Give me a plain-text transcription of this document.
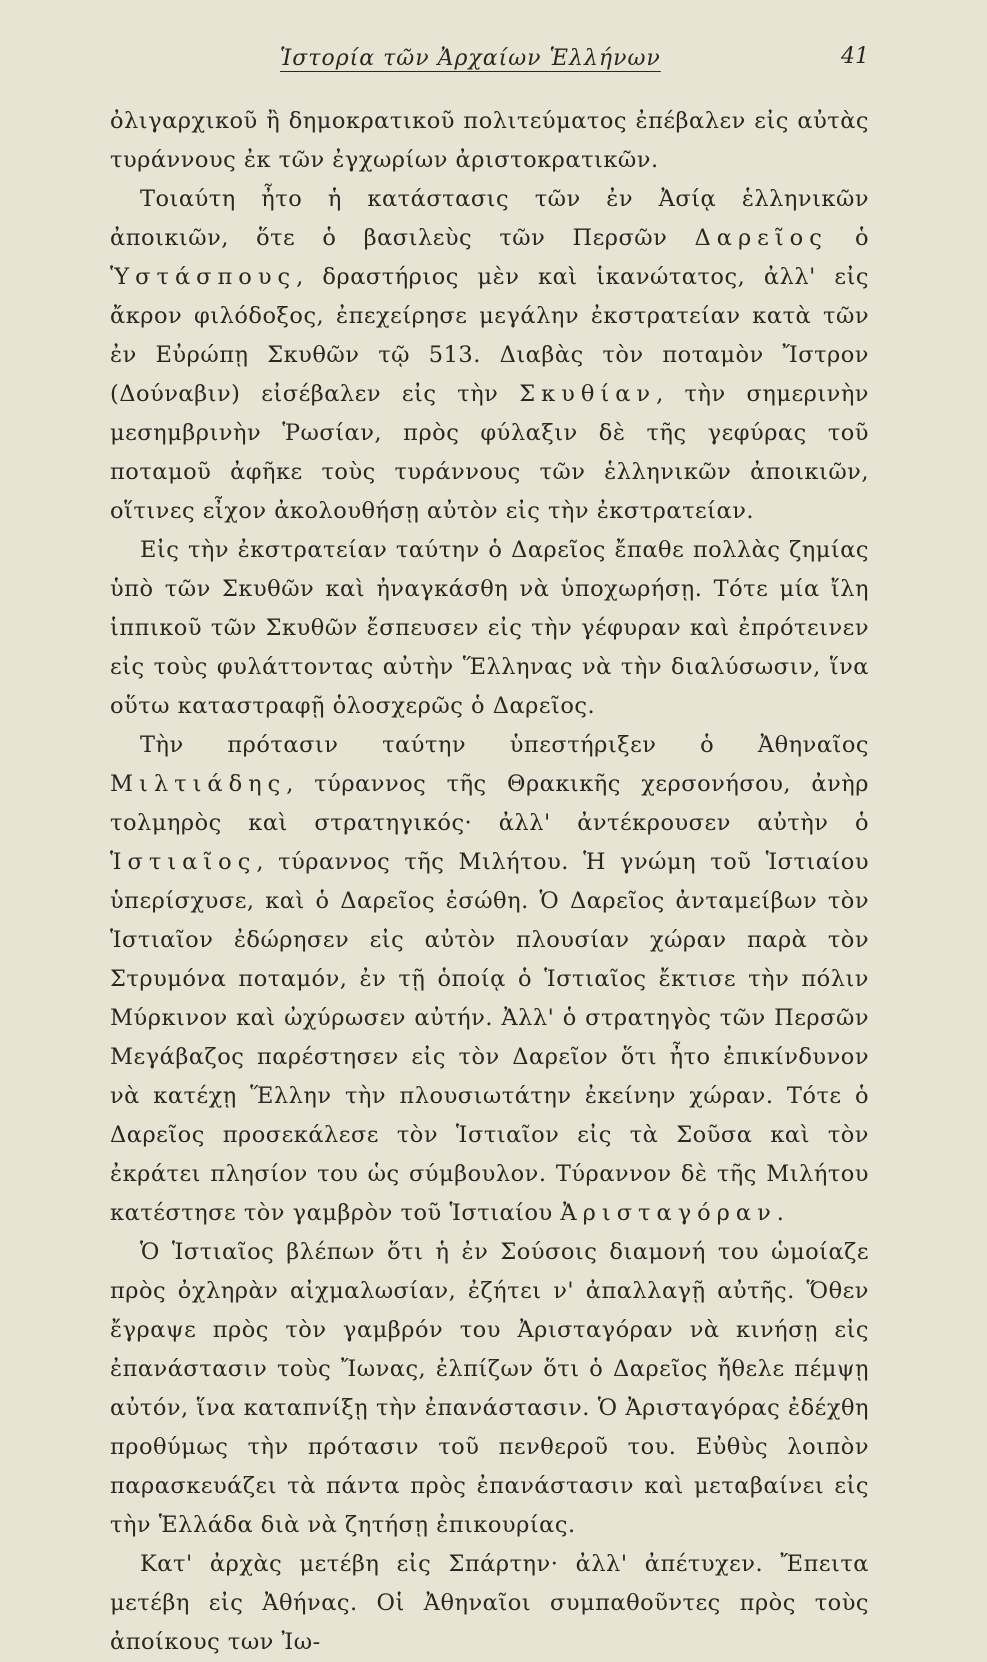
Ἱστορία τῶν Ἀρχαίων Ἑλλήνων	41

ὀλιγαρχικοῦ ἢ δημοκρατικοῦ πολιτεύματος ἐπέβαλεν εἰς αὐτὰς τυράννους ἐκ τῶν ἐγχωρίων ἀριστοκρατικῶν.

Τοιαύτη ἦτο ἡ κατάστασις τῶν ἐν Ἀσίᾳ ἑλληνικῶν ἀποικιῶν, ὅτε ὁ βασιλεὺς τῶν Περσῶν Δαρεῖος ὁ Ὑστάσπους, δραστήριος μὲν καὶ ἱκανώτατος, ἀλλ' εἰς ἄκρον φιλόδοξος, ἐπεχείρησε μεγάλην ἐκστρατείαν κατὰ τῶν ἐν Εὐρώπῃ Σκυθῶν τῷ 513. Διαβὰς τὸν ποταμὸν Ἴστρον (Δούναβιν) εἰσέβαλεν εἰς τὴν Σκυθίαν, τὴν σημερινὴν μεσημβρινὴν Ῥωσίαν, πρὸς φύλαξιν δὲ τῆς γεφύρας τοῦ ποταμοῦ ἀφῆκε τοὺς τυράννους τῶν ἑλληνικῶν ἀποικιῶν, οἵτινες εἶχον ἀκολουθήσῃ αὐτὸν εἰς τὴν ἐκστρατείαν.

Εἰς τὴν ἐκστρατείαν ταύτην ὁ Δαρεῖος ἔπαθε πολλὰς ζημίας ὑπὸ τῶν Σκυθῶν καὶ ἠναγκάσθη νὰ ὑποχωρήσῃ. Τότε μία ἴλη ἱππικοῦ τῶν Σκυθῶν ἔσπευσεν εἰς τὴν γέφυραν καὶ ἐπρότεινεν εἰς τοὺς φυλάττοντας αὐτὴν Ἕλληνας νὰ τὴν διαλύσωσιν, ἵνα οὕτω καταστραφῇ ὁλοσχερῶς ὁ Δαρεῖος.

Τὴν πρότασιν ταύτην ὑπεστήριξεν ὁ Ἀθηναῖος Μιλτιάδης, τύραννος τῆς Θρακικῆς χερσονήσου, ἀνὴρ τολμηρὸς καὶ στρατηγικός· ἀλλ' ἀντέκρουσεν αὐτὴν ὁ Ἱστιαῖος, τύραννος τῆς Μιλήτου. Ἡ γνώμη τοῦ Ἱστιαίου ὑπερίσχυσε, καὶ ὁ Δαρεῖος ἐσώθη. Ὁ Δαρεῖος ἀνταμείβων τὸν Ἱστιαῖον ἐδώρησεν εἰς αὐτὸν πλουσίαν χώραν παρὰ τὸν Στρυμόνα ποταμόν, ἐν τῇ ὁποίᾳ ὁ Ἱστιαῖος ἔκτισε τὴν πόλιν Μύρκινον καὶ ὠχύρωσεν αὐτήν. Ἀλλ' ὁ στρατηγὸς τῶν Περσῶν Μεγάβαζος παρέστησεν εἰς τὸν Δαρεῖον ὅτι ἦτο ἐπικίνδυνον νὰ κατέχῃ Ἕλλην τὴν πλουσιωτάτην ἐκείνην χώραν. Τότε ὁ Δαρεῖος προσεκάλεσε τὸν Ἱστιαῖον εἰς τὰ Σοῦσα καὶ τὸν ἐκράτει πλησίον του ὡς σύμβουλον. Τύραννον δὲ τῆς Μιλήτου κατέστησε τὸν γαμβρὸν τοῦ Ἱστιαίου Ἀρισταγόραν.

Ὁ Ἱστιαῖος βλέπων ὅτι ἡ ἐν Σούσοις διαμονή του ὡμοίαζε πρὸς ὀχληρὰν αἰχμαλωσίαν, ἐζήτει ν' ἀπαλλαγῇ αὐτῆς. Ὅθεν ἔγραψε πρὸς τὸν γαμβρόν του Ἀρισταγόραν νὰ κινήσῃ εἰς ἐπανάστασιν τοὺς Ἴωνας, ἐλπίζων ὅτι ὁ Δαρεῖος ἤθελε πέμψῃ αὐτόν, ἵνα καταπνίξῃ τὴν ἐπανάστασιν. Ὁ Ἀρισταγόρας ἐδέχθη προθύμως τὴν πρότασιν τοῦ πενθεροῦ του. Εὐθὺς λοιπὸν παρασκευάζει τὰ πάντα πρὸς ἐπανάστασιν καὶ μεταβαίνει εἰς τὴν Ἑλλάδα διὰ νὰ ζητήσῃ ἐπικουρίας.

Κατ' ἀρχὰς μετέβη εἰς Σπάρτην· ἀλλ' ἀπέτυχεν. Ἔπειτα μετέβη εἰς Ἀθήνας. Οἱ Ἀθηναῖοι συμπαθοῦντες πρὸς τοὺς ἀποίκους των Ἰω-
